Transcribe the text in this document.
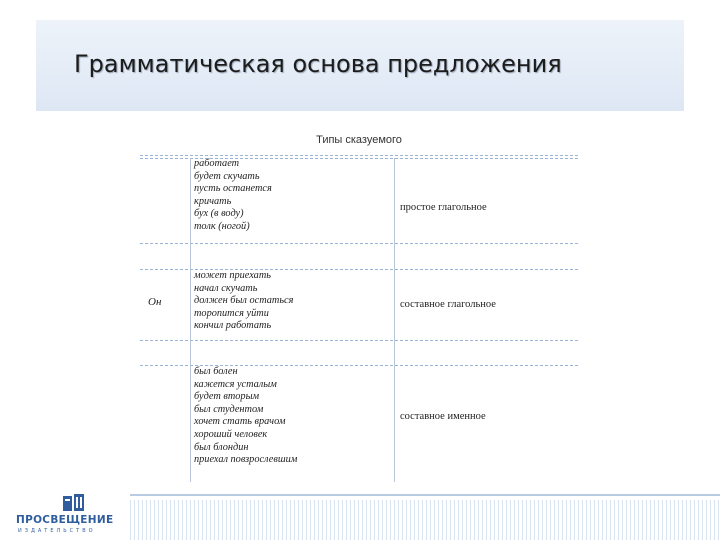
Грамматическая основа предложения
Типы сказуемого
Он
работает
будет скучать
пусть останется
кричать
бух (в воду)
толк (ногой)
простое глагольное
может приехать
начал скучать
должен был остаться
торопится уйти
кончил работать
составное глагольное
был болен
кажется усталым
будет вторым
был студентом
хочет стать врачом
хороший человек
был блондин
приехал повзрослевшим
составное именное
ПРОСВЕЩЕНИЕ
ИЗДАТЕЛЬСТВО
